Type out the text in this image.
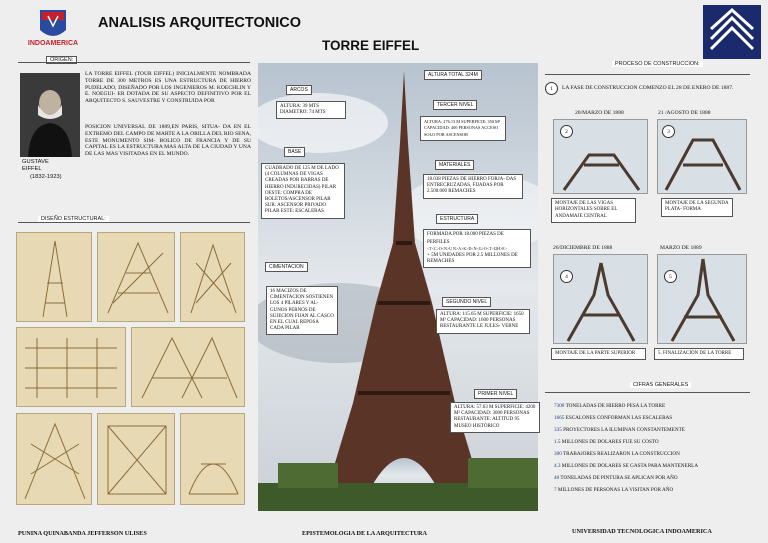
INDOAMERICA
ANALISIS ARQUITECTONICO
TORRE EIFFEL
ORIGEN:
GUSTAVE EIFFEL
(1832-1923)
LA TORRE EIFFEL (TOUR EIFFEL) INICIALMENTE NOMBRADA TORRE DE 300 METROS ES UNA ESTRUCTURA DE HIERRO PUDELADO, DISEÑADO POR LOS INGENIEROS M. KOECHLIN Y E. NOEGUI- ER DOTADA DE SU ASPECTO DEFINITIVO POR EL ARQUITECTO S. SAUVESTRE Y CONSTRUIDA POR
POSICION UNIVERSAL DE 1889,EN PARIS, SITUA- DA EN EL EXTREMO DEL CAMPO DE MARTE A LA ORILLA DEL RIO SENA, ESTE MONUMENTO SIM- BOLICO DE FRANCIA Y DE SU CAPITAL ES LA ESTRUCTURA MAS ALTA DE LA CIUDAD Y UNA DE LAS MAS VISITADAS EN EL MUNDO.
DISEÑO ESTRUCTURAL:
ALTURA TOTAL 324M
ARCOS
ALTURA: 39 MTS DIAMETRO: 74 MTS
BASE
CUADRADO DE 125 M DE LADO (4 COLUMNAS DE VIGAS CREADAS POR BARRAS DE HIERRO INDURECIDAS) PILAR OESTE: COMPRA DE BOLETOS/ASCENSOR PILAR SUR: ASCENSOR PRIVADO PILAR ESTE: ESCALERAS
CIMENTACION
16 MACIZOS DE CIMENTACION SOSTIENEN LOS 4 PILARES Y AL- GUNOS PERNOS DE SUJECION FIJAN AL CASCO EN EL CUAL REPOSA CADA PILAR
TERCER NIVEL
ALTURA: 276.13 M SUPERFICIE: 350 M² CAPACIDAD: 400 PERSONAS ACCESO SOLO POR ASCENSOR
MATERIALES
18.038 PIEZAS DE HIERRO FORJA- DAS ENTRECRUZADAS, FIJADAS POR 2.500.000 REMACHES
ESTRUCTURA
FORMADA POR 18.000 PIEZAS DE
PERFILES
<T<C>O<N>U N>A>K>D<N<G>O<T>I2H>E>
+ 5M UNIDADES POR 2.5 MILLONES DE REMACHES
SEGUNDO NIVEL
ALTURA: 115.65 M SUPERFICIE: 1650 M² CAPACIDAD: 1600 PERSONAS RESTAURANTE LE JULES- VERNE
PRIMER NIVEL
ALTURA: 57.63 M SUPERFICIE: 4200 M² CAPACIDAD: 3000 PERSONAS RESTAURANTE: ALTITUD 95 MUSEO HISTÓRICO
PROCESO DE CONSTRUCCION:
1	LA FASE DE CONSTRUCCION COMENZO EL 28 DE ENERO DE 1887.
20/MARZO DE 1888	21 /AGOSTO DE 1888
2	3
MONTAJE DE LAS VIGAS HORIZONTALES SOBRE EL ANDAMAJE CENTRAL
MONTAJE DE LA SEGUNDA PLATA- FORMA
26/DICIEMBRE DE 1888	MARZO DE 1889
4	5
MONTAJE DE LA PARTE SUPERIOR	5. FINALIZACION DE LA TORRE
CIFRAS GENERALES
7300 TONELADAS DE HIERRO PESA LA TORRE
1665 ESCALONES CONFORMAN LAS ESCALERAS
335 PROYECTORES LA ILUMINAN CONSTANTEMENTE
1.5 MILLONES DE DOLARES FUE SU COSTO
300 TRABAJORES REALIZARON LA CONSTRUCCION
4.3 MILLONES DE DOLARES SE GASTA PARA MANTENERLA
40 TONELADAS DE PINTURA SE APLICAN POR AÑO
7 MILLONES DE PERSONAS LA VISITAN POR AÑO
PUNINA QUINABANDA JEFFERSON ULISES	EPISTEMOLOGIA DE LA ARQUITECTURA	UNIVERSIDAD TECNOLOGICA INDOAMERICA
